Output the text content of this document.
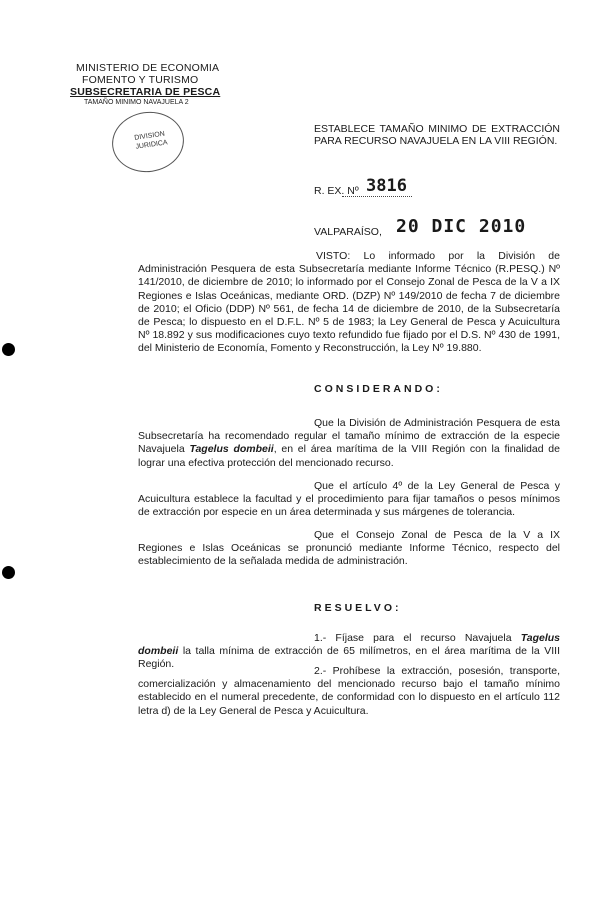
MINISTERIO DE ECONOMIA
FOMENTO Y TURISMO
SUBSECRETARIA DE PESCA
TAMAÑO MINIMO NAVAJUELA 2
DIVISION
JURIDICA
ESTABLECE TAMAÑO MINIMO DE EXTRACCIÓN PARA RECURSO NAVAJUELA EN LA VIII REGIÓN.
R. EX. Nº 3816
VALPARAÍSO, 20 DIC 2010
VISTO: Lo informado por la División de Administración Pesquera de esta Subsecretaría mediante Informe Técnico (R.PESQ.) Nº 141/2010, de diciembre de 2010; lo informado por el Consejo Zonal de Pesca de la V a IX Regiones e Islas Oceánicas, mediante ORD. (DZP) Nº 149/2010 de fecha 7 de diciembre de 2010; el Oficio (DDP) Nº 561, de fecha 14 de diciembre de 2010, de la Subsecretaría de Pesca; lo dispuesto en el D.F.L. Nº 5 de 1983; la Ley General de Pesca y Acuicultura Nº 18.892 y sus modificaciones cuyo texto refundido fue fijado por el D.S. Nº 430 de 1991, del Ministerio de Economía, Fomento y Reconstrucción, la Ley Nº 19.880.
CONSIDERANDO:
Que la División de Administración Pesquera de esta Subsecretaría ha recomendado regular el tamaño mínimo de extracción de la especie Navajuela Tagelus dombeii, en el área marítima de la VIII Región con la finalidad de lograr una efectiva protección del mencionado recurso.
Que el artículo 4º de la Ley General de Pesca y Acuicultura establece la facultad y el procedimiento para fijar tamaños o pesos mínimos de extracción por especie en un área determinada y sus márgenes de tolerancia.
Que el Consejo Zonal de Pesca de la V a IX Regiones e Islas Oceánicas se pronunció mediante Informe Técnico, respecto del establecimiento de la señalada medida de administración.
RESUELVO:
1.- Fíjase para el recurso Navajuela Tagelus dombeii la talla mínima de extracción de 65 milímetros, en el área marítima de la VIII Región.
2.- Prohíbese la extracción, posesión, transporte, comercialización y almacenamiento del mencionado recurso bajo el tamaño mínimo establecido en el numeral precedente, de conformidad con lo dispuesto en el artículo 112 letra d) de la Ley General de Pesca y Acuicultura.
